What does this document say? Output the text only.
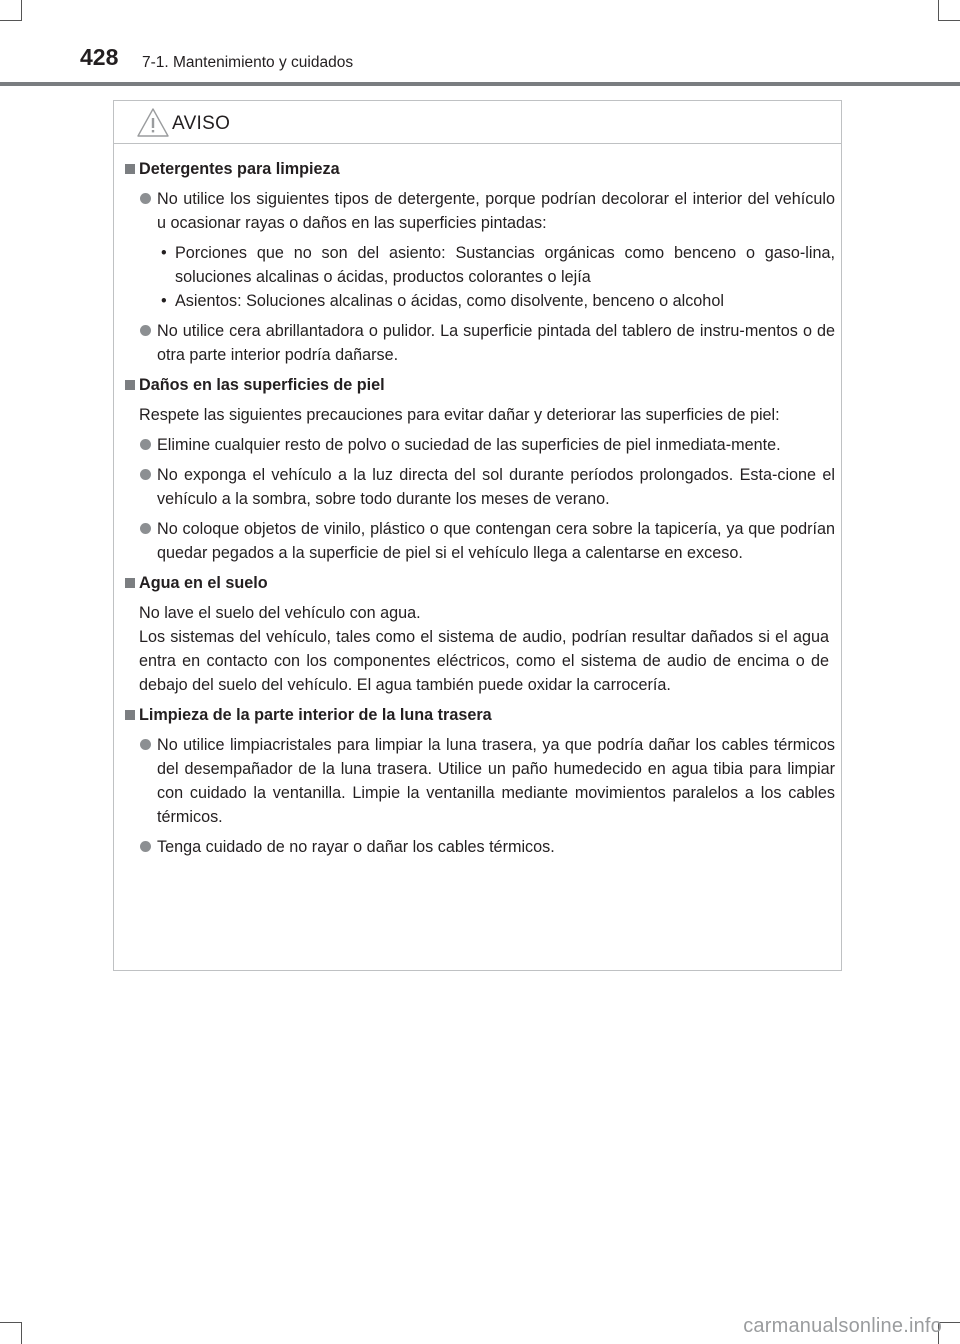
428 7-1. Mantenimiento y cuidados
AVISO
Detergentes para limpieza
No utilice los siguientes tipos de detergente, porque podrían decolorar el interior del vehículo u ocasionar rayas o daños en las superficies pintadas:
• Porciones que no son del asiento: Sustancias orgánicas como benceno o gaso-lina, soluciones alcalinas o ácidas, productos colorantes o lejía
• Asientos: Soluciones alcalinas o ácidas, como disolvente, benceno o alcohol
No utilice cera abrillantadora o pulidor. La superficie pintada del tablero de instru-mentos o de otra parte interior podría dañarse.
Daños en las superficies de piel
Respete las siguientes precauciones para evitar dañar y deteriorar las superficies de piel:
Elimine cualquier resto de polvo o suciedad de las superficies de piel inmediata-mente.
No exponga el vehículo a la luz directa del sol durante períodos prolongados. Esta-cione el vehículo a la sombra, sobre todo durante los meses de verano.
No coloque objetos de vinilo, plástico o que contengan cera sobre la tapicería, ya que podrían quedar pegados a la superficie de piel si el vehículo llega a calentarse en exceso.
Agua en el suelo
No lave el suelo del vehículo con agua.
Los sistemas del vehículo, tales como el sistema de audio, podrían resultar dañados si el agua entra en contacto con los componentes eléctricos, como el sistema de audio de encima o de debajo del suelo del vehículo. El agua también puede oxidar la carrocería.
Limpieza de la parte interior de la luna trasera
No utilice limpiacristales para limpiar la luna trasera, ya que podría dañar los cables térmicos del desempañador de la luna trasera. Utilice un paño humedecido en agua tibia para limpiar con cuidado la ventanilla. Limpie la ventanilla mediante movimientos paralelos a los cables térmicos.
Tenga cuidado de no rayar o dañar los cables térmicos.
carmanualsonline.info
